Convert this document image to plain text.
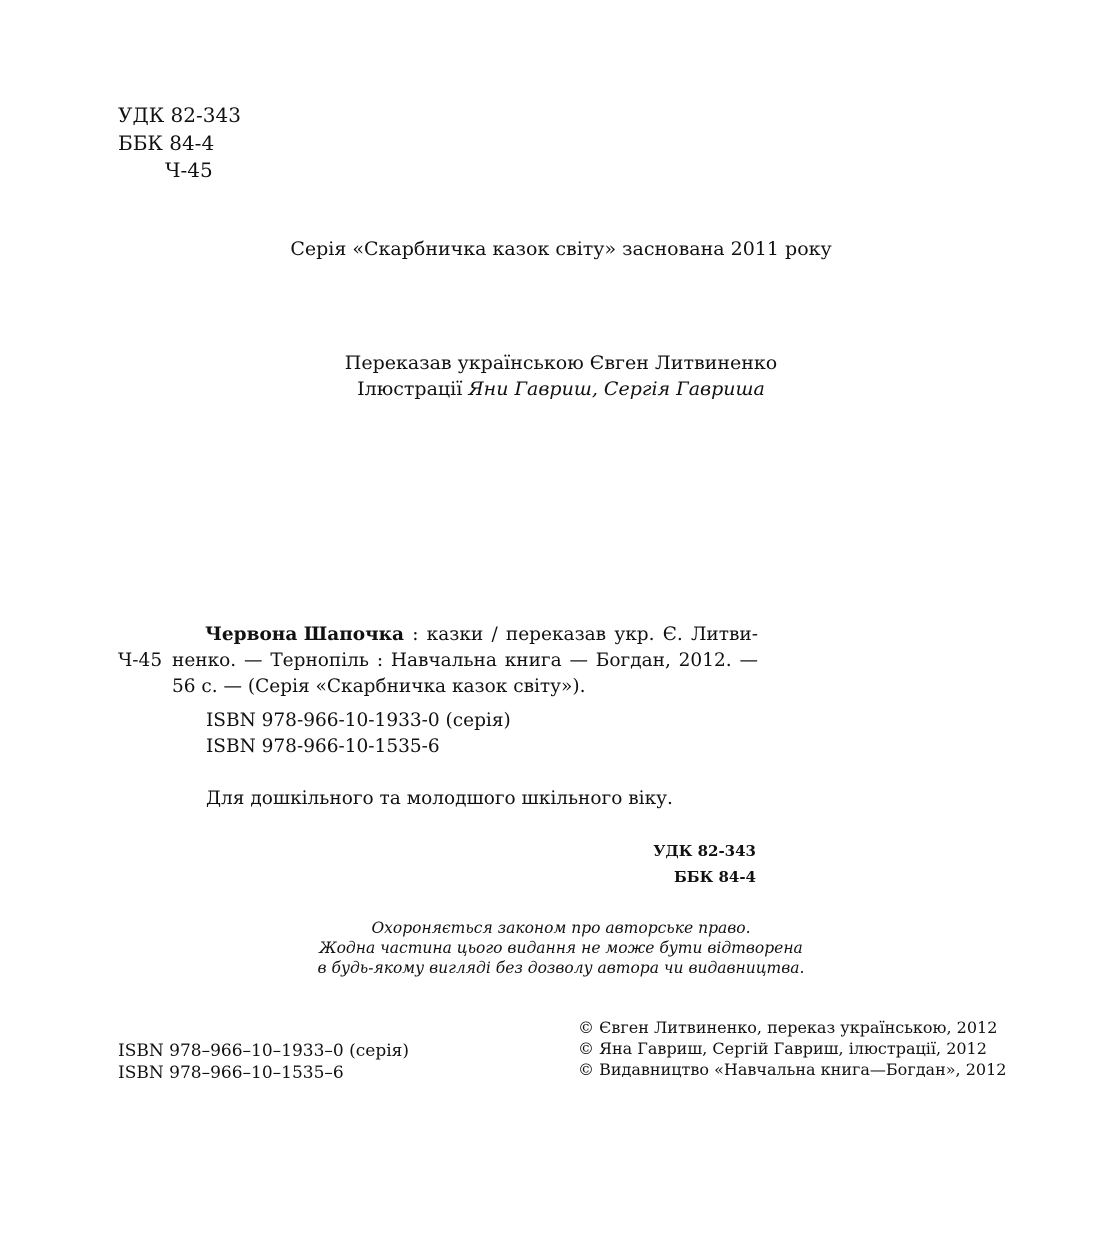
УДК 82-343
ББК 84-4
Ч-45
Серія «Скарбничка казок світу» заснована 2011 року
Переказав українською Євген Литвиненко
Ілюстрації Яни Гавриш, Сергія Гавриша
Червона Шапочка : казки / переказав укр. Є. Литви-
Ч-45 ненко. — Тернопіль : Навчальна книга — Богдан, 2012. —
56 с. — (Серія «Скарбничка казок світу»).
ISBN 978-966-10-1933-0 (серія)
ISBN 978-966-10-1535-6
Для дошкільного та молодшого шкільного віку.
УДК 82-343
ББК 84-4
Охороняється законом про авторське право.
Жодна частина цього видання не може бути відтворена
в будь-якому вигляді без дозволу автора чи видавництва.
ISBN 978–966–10–1933–0 (серія)
ISBN 978–966–10–1535–6
© Євген Литвиненко, переказ українською, 2012
© Яна Гавриш, Сергій Гавриш, ілюстрації, 2012
© Видавництво «Навчальна книга—Богдан», 2012
